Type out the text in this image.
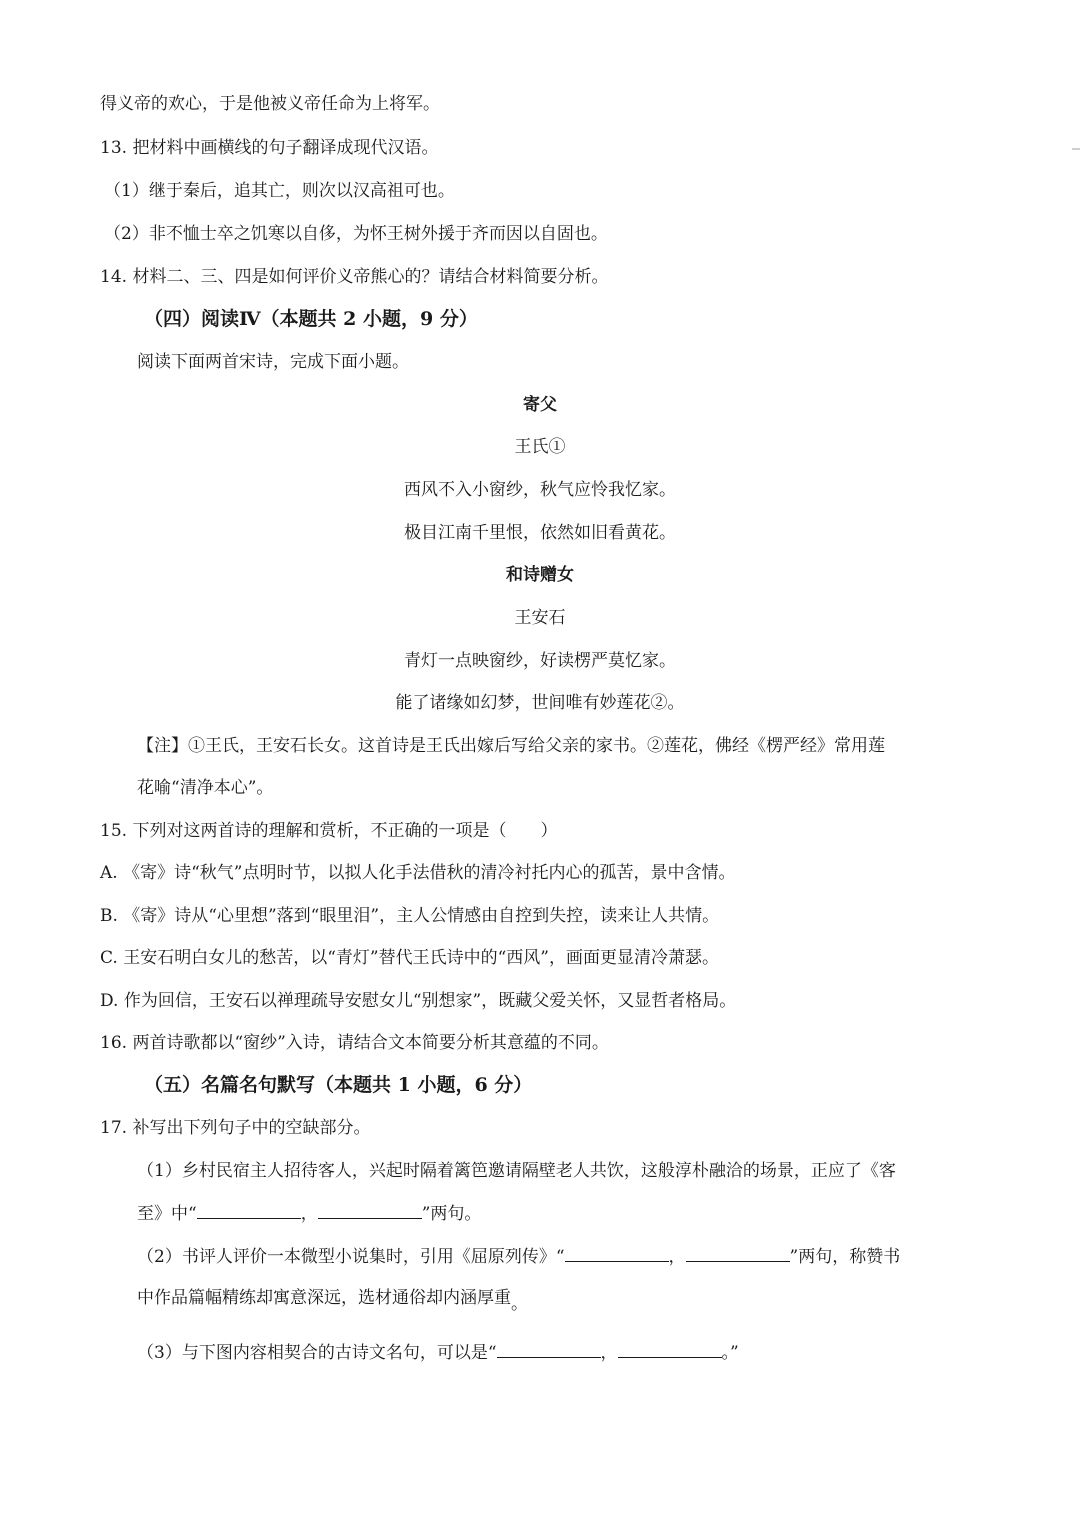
得义帝的欢心，于是他被义帝任命为上将军。
13. 把材料中画横线的句子翻译成现代汉语。
（1）继于秦后，追其亡，则次以汉高祖可也。
（2）非不恤士卒之饥寒以自侈，为怀王树外援于齐而因以自固也。
14. 材料二、三、四是如何评价义帝熊心的？请结合材料简要分析。
（四）阅读Ⅳ（本题共 2 小题，9 分）
阅读下面两首宋诗，完成下面小题。
寄父
王氏①
西风不入小窗纱，秋气应怜我忆家。
极目江南千里恨，依然如旧看黄花。
和诗赠女
王安石
青灯一点映窗纱，好读楞严莫忆家。
能了诸缘如幻梦，世间唯有妙莲花②。
【注】①王氏，王安石长女。这首诗是王氏出嫁后写给父亲的家书。②莲花，佛经《楞严经》常用莲
花喻“清净本心”。
15. 下列对这两首诗的理解和赏析，不正确的一项是（　　）
A. 《寄》诗“秋气”点明时节，以拟人化手法借秋的清冷衬托内心的孤苦，景中含情。
B. 《寄》诗从“心里想”落到“眼里泪”，主人公情感由自控到失控，读来让人共情。
C. 王安石明白女儿的愁苦，以“青灯”替代王氏诗中的“西风”，画面更显清冷萧瑟。
D. 作为回信，王安石以禅理疏导安慰女儿“别想家”，既藏父爱关怀，又显哲者格局。
16. 两首诗歌都以“窗纱”入诗，请结合文本简要分析其意蕴的不同。
（五）名篇名句默写（本题共 1 小题，6 分）
17. 补写出下列句子中的空缺部分。
（1）乡村民宿主人招待客人，兴起时隔着篱笆邀请隔壁老人共饮，这般淳朴融洽的场景，正应了《客
至》中“	，	”两句。
（2）书评人评价一本微型小说集时，引用《屈原列传》“	，	”两句，称赞书
中作品篇幅精练却寓意深远，选材通俗却内涵厚重。
（3）与下图内容相契合的古诗文名句，可以是“	，	。”
